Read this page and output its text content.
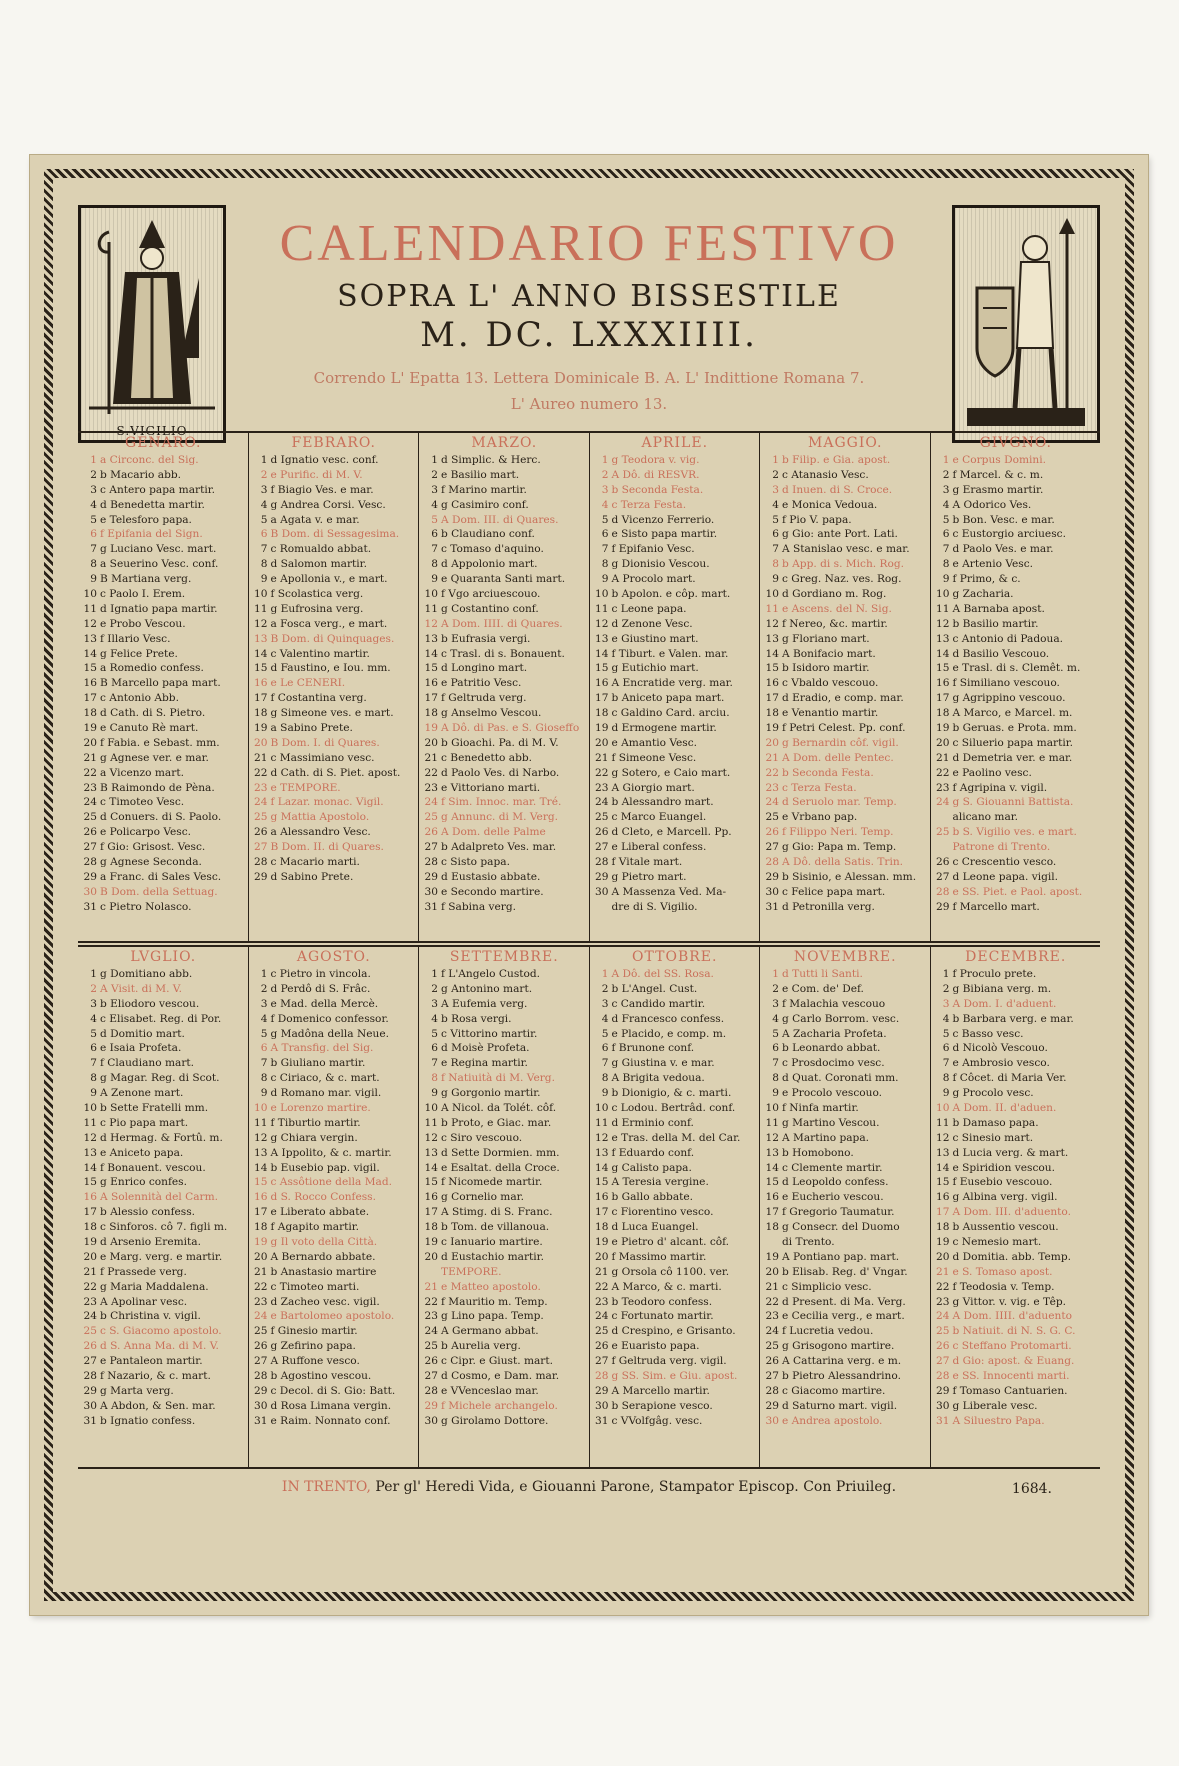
S.VIGILIO
CALENDARIO FESTIVO
SOPRA L' ANNO BISSESTILE
M. DC. LXXXIIII.
Correndo L' Epatta 13. Lettera Dominicale B. A. L' Indittione Romana 7.
L' Aureo numero 13.
GENARO.
1 a Circonc. del Sig.
2 b Macario abb.
3 c Antero papa martir.
4 d Benedetta martir.
5 e Telesforo papa.
6 f Epifania del Sign.
7 g Luciano Vesc. mart.
8 a Seuerino Vesc. conf.
9 B Martiana verg.
10 c Paolo I. Erem.
11 d Ignatio papa martir.
12 e Probo Vescou.
13 f Illario Vesc.
14 g Felice Prete.
15 a Romedio confess.
16 B Marcello papa mart.
17 c Antonio Abb.
18 d Cath. di S. Pietro.
19 e Canuto Rè mart.
20 f Fabia. e Sebast. mm.
21 g Agnese ver. e mar.
22 a Vicenzo mart.
23 B Raimondo de Pèna.
24 c Timoteo Vesc.
25 d Conuers. di S. Paolo.
26 e Policarpo Vesc.
27 f Gio: Grisost. Vesc.
28 g Agnese Seconda.
29 a Franc. di Sales Vesc.
30 B Dom. della Settuag.
31 c Pietro Nolasco.
FEBRARO.
1 d Ignatio vesc. conf.
2 e Purific. di M. V.
3 f Biagio Ves. e mar.
4 g Andrea Corsi. Vesc.
5 a Agata v. e mar.
6 B Dom. di Sessagesima.
7 c Romualdo abbat.
8 d Salomon martir.
9 e Apollonia v., e mart.
10 f Scolastica verg.
11 g Eufrosina verg.
12 a Fosca verg., e mart.
13 B Dom. di Quinquages.
14 c Valentino martir.
15 d Faustino, e Iou. mm.
16 e Le CENERI.
17 f Costantina verg.
18 g Simeone ves. e mart.
19 a Sabino Prete.
20 B Dom. I. di Quares.
21 c Massimiano vesc.
22 d Cath. di S. Piet. apost.
23 e TEMPORE.
24 f Lazar. monac. Vigil.
25 g Mattia Apostolo.
26 a Alessandro Vesc.
27 B Dom. II. di Quares.
28 c Macario marti.
29 d Sabino Prete.
MARZO.
1 d Simplic. & Herc.
2 e Basilio mart.
3 f Marino martir.
4 g Casimiro conf.
5 A Dom. III. di Quares.
6 b Claudiano conf.
7 c Tomaso d'aquino.
8 d Appolonio mart.
9 e Quaranta Santi mart.
10 f Vgo arciuescouo.
11 g Costantino conf.
12 A Dom. IIII. di Quares.
13 b Eufrasia vergi.
14 c Trasl. di s. Bonauent.
15 d Longino mart.
16 e Patritio Vesc.
17 f Geltruda verg.
18 g Anselmo Vescou.
19 A Dô. di Pas. e S. Gioseffo
20 b Gioachi. Pa. di M. V.
21 c Benedetto abb.
22 d Paolo Ves. di Narbo.
23 e Vittoriano marti.
24 f Sim. Innoc. mar. Tré.
25 g Annunc. di M. Verg.
26 A Dom. delle Palme
27 b Adalpreto Ves. mar.
28 c Sisto papa.
29 d Eustasio abbate.
30 e Secondo martire.
31 f Sabina verg.
APRILE.
1 g Teodora v. vig.
2 A Dô. di RESVR.
3 b Seconda Festa.
4 c Terza Festa.
5 d Vicenzo Ferrerio.
6 e Sisto papa martir.
7 f Epifanio Vesc.
8 g Dionisio Vescou.
9 A Procolo mart.
10 b Apolon. e côp. mart.
11 c Leone papa.
12 d Zenone Vesc.
13 e Giustino mart.
14 f Tiburt. e Valen. mar.
15 g Eutichio mart.
16 A Encratide verg. mar.
17 b Aniceto papa mart.
18 c Galdino Card. arciu.
19 d Ermogene martir.
20 e Amantio Vesc.
21 f Simeone Vesc.
22 g Sotero, e Caio mart.
23 A Giorgio mart.
24 b Alessandro mart.
25 c Marco Euangel.
26 d Cleto, e Marcell. Pp.
27 e Liberal confess.
28 f Vitale mart.
29 g Pietro mart.
30 A Massenza Ved. Ma-
dre di S. Vigilio.
MAGGIO.
1 b Filip. e Gia. apost.
2 c Atanasio Vesc.
3 d Inuen. di S. Croce.
4 e Monica Vedoua.
5 f Pio V. papa.
6 g Gio: ante Port. Lati.
7 A Stanislao vesc. e mar.
8 b App. di s. Mich. Rog.
9 c Greg. Naz. ves. Rog.
10 d Gordiano m. Rog.
11 e Ascens. del N. Sig.
12 f Nereo, &c. martir.
13 g Floriano mart.
14 A Bonifacio mart.
15 b Isidoro martir.
16 c Vbaldo vescouo.
17 d Eradio, e comp. mar.
18 e Venantio martir.
19 f Petri Celest. Pp. conf.
20 g Bernardin côf. vigil.
21 A Dom. delle Pentec.
22 b Seconda Festa.
23 c Terza Festa.
24 d Seruolo mar. Temp.
25 e Vrbano pap.
26 f Filippo Neri. Temp.
27 g Gio: Papa m. Temp.
28 A Dô. della Satis. Trin.
29 b Sisinio, e Alessan. mm.
30 c Felice papa mart.
31 d Petronilla verg.
GIVGNO.
1 e Corpus Domini.
2 f Marcel. & c. m.
3 g Erasmo martir.
4 A Odorico Ves.
5 b Bon. Vesc. e mar.
6 c Eustorgio arciuesc.
7 d Paolo Ves. e mar.
8 e Artenio Vesc.
9 f Primo, & c.
10 g Zacharia.
11 A Barnaba apost.
12 b Basilio martir.
13 c Antonio di Padoua.
14 d Basilio Vescouo.
15 e Trasl. di s. Clemêt. m.
16 f Similiano vescouo.
17 g Agrippino vescouo.
18 A Marco, e Marcel. m.
19 b Geruas. e Prota. mm.
20 c Siluerio papa martir.
21 d Demetria ver. e mar.
22 e Paolino vesc.
23 f Agripina v. vigil.
24 g S. Giouanni Battista.
alicano mar.
25 b S. Vigilio ves. e mart.
Patrone di Trento.
26 c Crescentio vesco.
27 d Leone papa. vigil.
28 e SS. Piet. e Paol. apost.
29 f Marcello mart.
LVGLIO.
1 g Domitiano abb.
2 A Visit. di M. V.
3 b Eliodoro vescou.
4 c Elisabet. Reg. di Por.
5 d Domitio mart.
6 e Isaia Profeta.
7 f Claudiano mart.
8 g Magar. Reg. di Scot.
9 A Zenone mart.
10 b Sette Fratelli mm.
11 c Pio papa mart.
12 d Hermag. & Fortû. m.
13 e Aniceto papa.
14 f Bonauent. vescou.
15 g Enrico confes.
16 A Solennità del Carm.
17 b Alessio confess.
18 c Sinforos. cô 7. figli m.
19 d Arsenio Eremita.
20 e Marg. verg. e martir.
21 f Prassede verg.
22 g Maria Maddalena.
23 A Apolinar vesc.
24 b Christina v. vigil.
25 c S. Giacomo apostolo.
26 d S. Anna Ma. di M. V.
27 e Pantaleon martir.
28 f Nazario, & c. mart.
29 g Marta verg.
30 A Abdon, & Sen. mar.
31 b Ignatio confess.
AGOSTO.
1 c Pietro in vincola.
2 d Perdô di S. Frâc.
3 e Mad. della Mercè.
4 f Domenico confessor.
5 g Madôna della Neue.
6 A Transfig. del Sig.
7 b Giuliano martir.
8 c Ciriaco, & c. mart.
9 d Romano mar. vigil.
10 e Lorenzo martire.
11 f Tiburtio martir.
12 g Chiara vergin.
13 A Ippolito, & c. martir.
14 b Eusebio pap. vigil.
15 c Assôtione della Mad.
16 d S. Rocco Confess.
17 e Liberato abbate.
18 f Agapito martir.
19 g Il voto della Città.
20 A Bernardo abbate.
21 b Anastasio martire
22 c Timoteo marti.
23 d Zacheo vesc. vigil.
24 e Bartolomeo apostolo.
25 f Ginesio martir.
26 g Zefirino papa.
27 A Ruffone vesco.
28 b Agostino vescou.
29 c Decol. di S. Gio: Batt.
30 d Rosa Limana vergin.
31 e Raim. Nonnato conf.
SETTEMBRE.
1 f L'Angelo Custod.
2 g Antonino mart.
3 A Eufemia verg.
4 b Rosa vergi.
5 c Vittorino martir.
6 d Moisè Profeta.
7 e Regina martir.
8 f Natiuità di M. Verg.
9 g Gorgonio martir.
10 A Nicol. da Tolét. côf.
11 b Proto, e Giac. mar.
12 c Siro vescouo.
13 d Sette Dormien. mm.
14 e Esaltat. della Croce.
15 f Nicomede martir.
16 g Cornelio mar.
17 A Stimg. di S. Franc.
18 b Tom. de villanoua.
19 c Ianuario martire.
20 d Eustachio martir.
TEMPORE.
21 e Matteo apostolo.
22 f Mauritio m. Temp.
23 g Lino papa. Temp.
24 A Germano abbat.
25 b Aurelia verg.
26 c Cipr. e Giust. mart.
27 d Cosmo, e Dam. mar.
28 e VVenceslao mar.
29 f Michele archangelo.
30 g Girolamo Dottore.
OTTOBRE.
1 A Dô. del SS. Rosa.
2 b L'Angel. Cust.
3 c Candido martir.
4 d Francesco confess.
5 e Placido, e comp. m.
6 f Brunone conf.
7 g Giustina v. e mar.
8 A Brigita vedoua.
9 b Dionigio, & c. marti.
10 c Lodou. Bertrâd. conf.
11 d Erminio conf.
12 e Tras. della M. del Car.
13 f Eduardo conf.
14 g Calisto papa.
15 A Teresia vergine.
16 b Gallo abbate.
17 c Fiorentino vesco.
18 d Luca Euangel.
19 e Pietro d' alcant. côf.
20 f Massimo martir.
21 g Orsola cô 1100. ver.
22 A Marco, & c. marti.
23 b Teodoro confess.
24 c Fortunato martir.
25 d Crespino, e Grisanto.
26 e Euaristo papa.
27 f Geltruda verg. vigil.
28 g SS. Sim. e Giu. apost.
29 A Marcello martir.
30 b Serapione vesco.
31 c VVolfgâg. vesc.
NOVEMBRE.
1 d Tutti li Santi.
2 e Com. de' Def.
3 f Malachia vescouo
4 g Carlo Borrom. vesc.
5 A Zacharia Profeta.
6 b Leonardo abbat.
7 c Prosdocimo vesc.
8 d Quat. Coronati mm.
9 e Procolo vescouo.
10 f Ninfa martir.
11 g Martino Vescou.
12 A Martino papa.
13 b Homobono.
14 c Clemente martir.
15 d Leopoldo confess.
16 e Eucherio vescou.
17 f Gregorio Taumatur.
18 g Consecr. del Duomo
di Trento.
19 A Pontiano pap. mart.
20 b Elisab. Reg. d' Vngar.
21 c Simplicio vesc.
22 d Present. di Ma. Verg.
23 e Cecilia verg., e mart.
24 f Lucretia vedou.
25 g Grisogono martire.
26 A Cattarina verg. e m.
27 b Pietro Alessandrino.
28 c Giacomo martire.
29 d Saturno mart. vigil.
30 e Andrea apostolo.
DECEMBRE.
1 f Proculo prete.
2 g Bibiana verg. m.
3 A Dom. I. d'aduent.
4 b Barbara verg. e mar.
5 c Basso vesc.
6 d Nicolò Vescouo.
7 e Ambrosio vesco.
8 f Côcet. di Maria Ver.
9 g Procolo vesc.
10 A Dom. II. d'aduen.
11 b Damaso papa.
12 c Sinesio mart.
13 d Lucia verg. & mart.
14 e Spiridion vescou.
15 f Eusebio vescouo.
16 g Albina verg. vigil.
17 A Dom. III. d'aduento.
18 b Aussentio vescou.
19 c Nemesio mart.
20 d Domitia. abb. Temp.
21 e S. Tomaso apost.
22 f Teodosia v. Temp.
23 g Vittor. v. vig. e Têp.
24 A Dom. IIII. d'aduento
25 b Natiuit. di N. S. G. C.
26 c Steffano Protomarti.
27 d Gio: apost. & Euang.
28 e SS. Innocenti marti.
29 f Tomaso Cantuarien.
30 g Liberale vesc.
31 A Siluestro Papa.
IN TRENTO, Per gl' Heredi Vida, e Giouanni Parone, Stampator Episcop. Con Priuileg.	1684.
